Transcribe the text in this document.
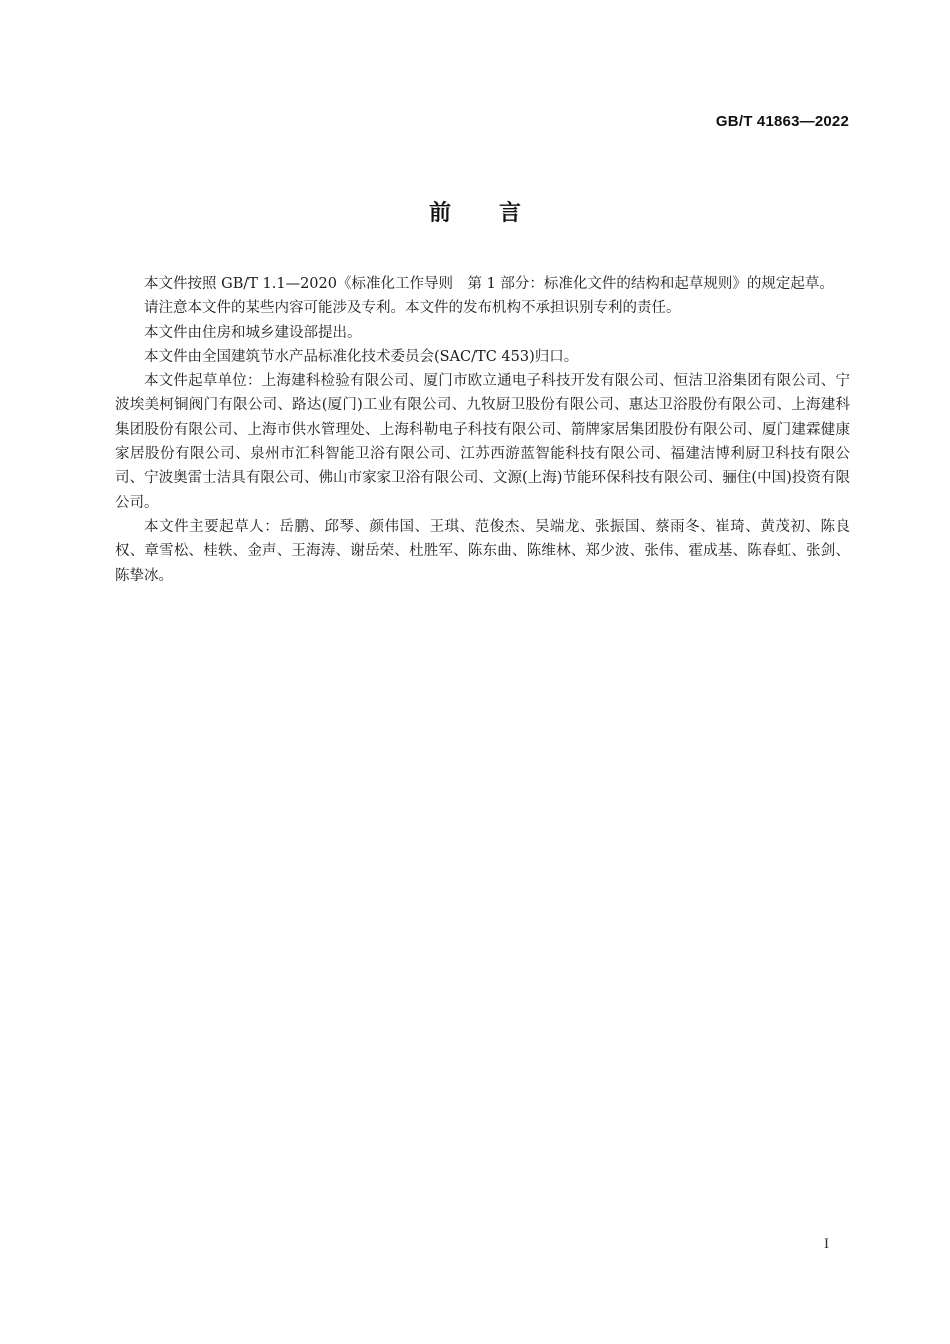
GB/T 41863—2022
前言

本文件按照 GB/T 1.1—2020《标准化工作导则　第 1 部分：标准化文件的结构和起草规则》的规定起草。

请注意本文件的某些内容可能涉及专利。本文件的发布机构不承担识别专利的责任。

本文件由住房和城乡建设部提出。

本文件由全国建筑节水产品标准化技术委员会(SAC/TC 453)归口。

本文件起草单位：上海建科检验有限公司、厦门市欧立通电子科技开发有限公司、恒洁卫浴集团有限公司、宁波埃美柯铜阀门有限公司、路达(厦门)工业有限公司、九牧厨卫股份有限公司、惠达卫浴股份有限公司、上海建科集团股份有限公司、上海市供水管理处、上海科勒电子科技有限公司、箭牌家居集团股份有限公司、厦门建霖健康家居股份有限公司、泉州市汇科智能卫浴有限公司、江苏西游蓝智能科技有限公司、福建洁博利厨卫科技有限公司、宁波奥雷士洁具有限公司、佛山市家家卫浴有限公司、文源(上海)节能环保科技有限公司、骊住(中国)投资有限公司。

本文件主要起草人：岳鹏、邱琴、颜伟国、王琪、范俊杰、吴端龙、张振国、蔡雨冬、崔琦、黄茂初、陈良权、章雪松、桂轶、金声、王海涛、谢岳荣、杜胜军、陈东曲、陈维林、郑少波、张伟、霍成基、陈春虹、张剑、陈挚冰。

I
